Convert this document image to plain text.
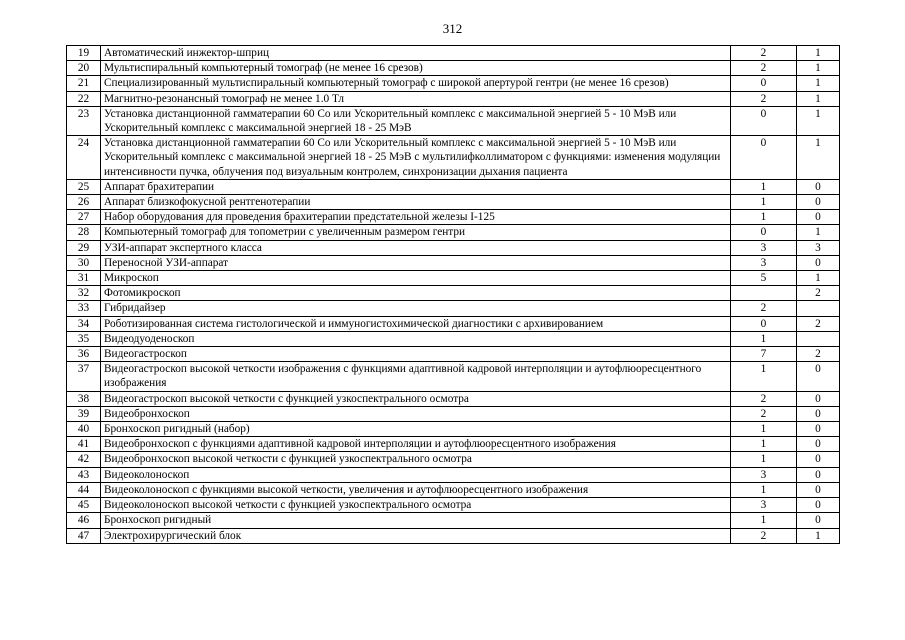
312
19	Автоматический инжектор-шприц	2	1
20	Мультиспиральный компьютерный томограф (не менее 16 срезов)	2	1
21	Специализированный мультиспиральный компьютерный томограф с широкой апертурой гентри (не менее 16 срезов)	0	1
22	Магнитно-резонансный томограф не менее 1.0 Тл	2	1
23	Установка дистанционной гамматерапии 60 Со или Ускорительный комплекс с максимальной энергией 5 - 10 МэВ или Ускорительный комплекс с максимальной энергией 18 - 25 МэВ	0	1
24	Установка дистанционной гамматерапии 60 Со или Ускорительный комплекс с максимальной энергией 5 - 10 МэВ или Ускорительный комплекс с максимальной энергией 18 - 25 МэВ с мультилифколлиматором с функциями: изменения модуляции интенсивности пучка, облучения под визуальным контролем, синхронизации дыхания пациента	0	1
25	Аппарат брахитерапии	1	0
26	Аппарат близкофокусной рентгенотерапии	1	0
27	Набор оборудования для проведения брахитерапии предстательной железы I-125	1	0
28	Компьютерный томограф для топометрии с увеличенным размером гентри	0	1
29	УЗИ-аппарат экспертного класса	3	3
30	Переносной УЗИ-аппарат	3	0
31	Микроскоп	5	1
32	Фотомикроскоп		2
33	Гибридайзер	2	
34	Роботизированная система гистологической и иммуногистохимической диагностики с архивированием	0	2
35	Видеодуоденоскоп	1	
36	Видеогастроскоп	7	2
37	Видеогастроскоп высокой четкости изображения с функциями адаптивной кадровой интерполяции и аутофлюоресцентного изображения	1	0
38	Видеогастроскоп высокой четкости с функцией узкоспектрального осмотра	2	0
39	Видеобронхоскоп	2	0
40	Бронхоскоп ригидный (набор)	1	0
41	Видеобронхоскоп с функциями адаптивной кадровой интерполяции и аутофлюоресцентного изображения	1	0
42	Видеобронхоскоп высокой четкости с функцией узкоспектрального осмотра	1	0
43	Видеоколоноскоп	3	0
44	Видеоколоноскоп с функциями высокой четкости, увеличения и аутофлюоресцентного изображения	1	0
45	Видеоколоноскоп высокой четкости с функцией узкоспектрального осмотра	3	0
46	Бронхоскоп ригидный	1	0
47	Электрохирургический блок	2	1
